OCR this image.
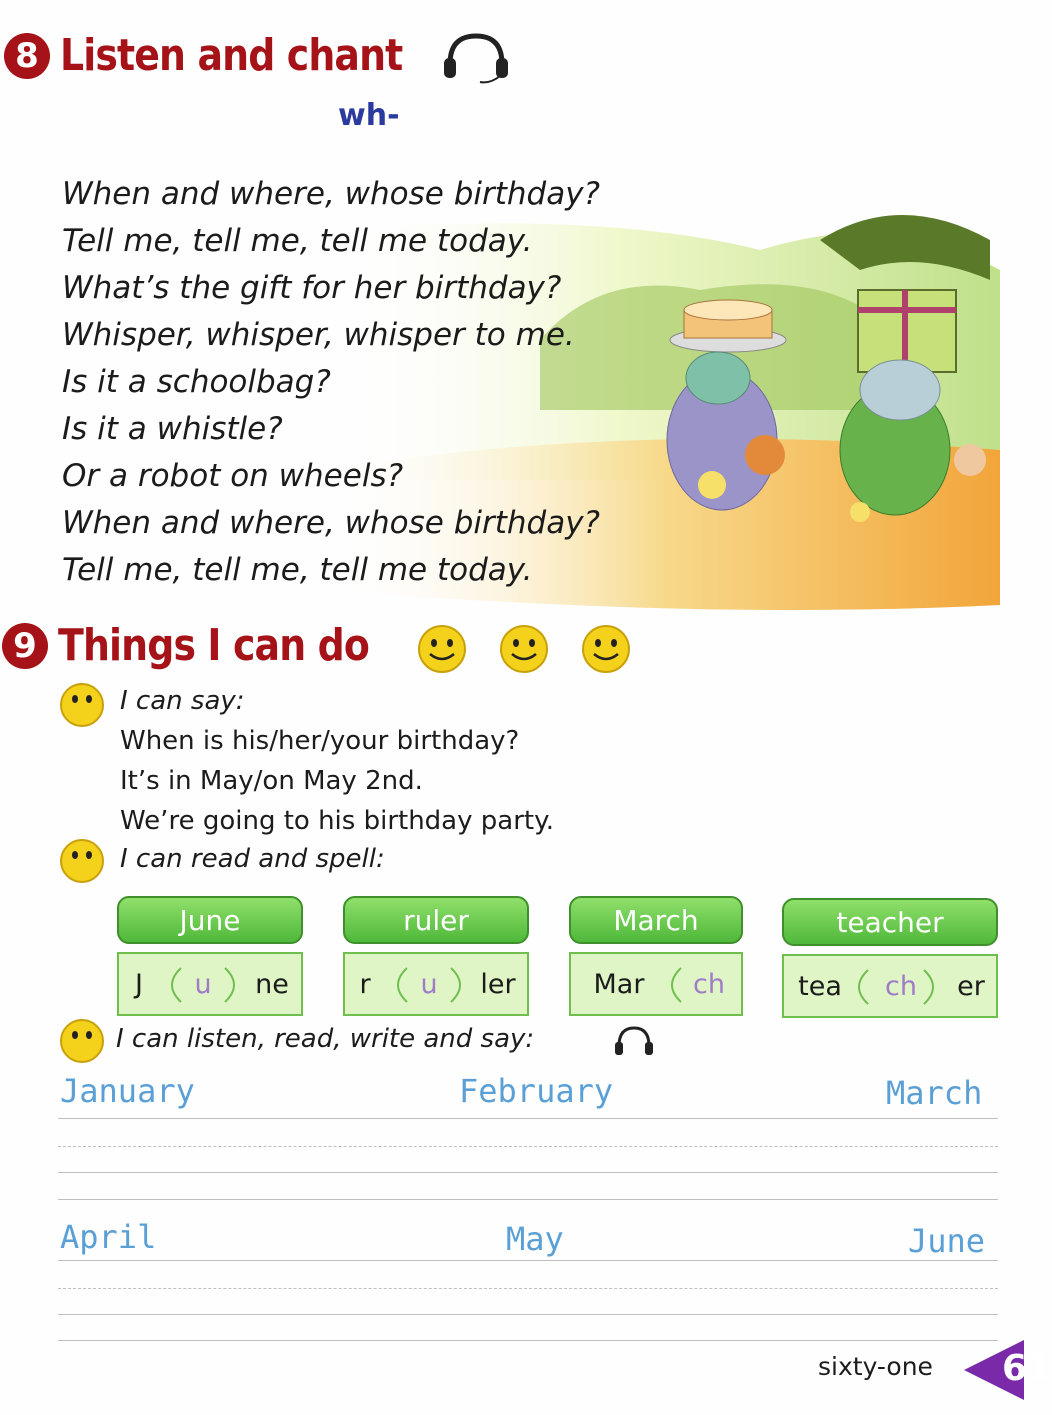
8 Listen and chant
wh-
When and where, whose birthday?
Tell me, tell me, tell me today.
What’s the gift for her birthday?
Whisper, whisper, whisper to me.
Is it a schoolbag?
Is it a whistle?
Or a robot on wheels?
When and where, whose birthday?
Tell me, tell me, tell me today.
9 Things I can do
I can say:
When is his/her/your birthday?
It’s in May/on May 2nd.
We’re going to his birthday party.
I can read and spell:
June
J	u	ne
ruler
r	u	ler
March
Mar	ch
teacher
tea	ch	er
I can listen, read, write and say:
January	February	March
April	May	June
sixty-one 61
